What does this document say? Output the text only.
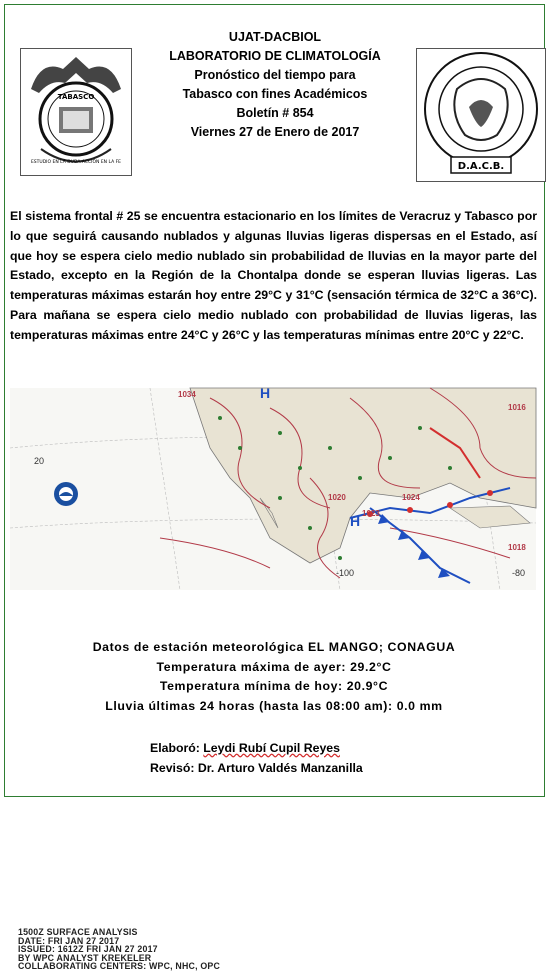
TABASCO
ESTUDIO EN LA DUDA ACCION EN LA FE
UJAT-DACBIOL
LABORATORIO DE CLIMATOLOGÍA
Pronóstico del tiempo para
Tabasco con fines Académicos
Boletín # 854
Viernes 27 de Enero de 2017
D.A.C.B.
El sistema frontal # 25 se encuentra estacionario en los límites de Veracruz y Tabasco por lo que seguirá causando nublados y algunas lluvias ligeras dispersas en el Estado, así que hoy se espera cielo medio nublado sin probabilidad de lluvias en la mayor parte del Estado, excepto en la Región de la Chontalpa donde se esperan lluvias ligeras. Las temperaturas máximas estarán hoy entre 29°C y 31°C (sensación térmica de 32°C a 36°C). Para mañana se espera cielo medio nublado con probabilidad de lluvias ligeras, las temperaturas máximas entre 24°C y 26°C y las temperaturas mínimas entre 20°C y 22°C.
H
H
1034
1023
1024
1016
1018
1020
20
-100	-80
1500Z SURFACE ANALYSIS
DATE: FRI JAN 27 2017
ISSUED: 1612Z FRI JAN 27 2017
BY WPC ANALYST KREKELER
COLLABORATING CENTERS: WPC, NHC, OPC
Datos de estación meteorológica EL MANGO; CONAGUA
Temperatura máxima de ayer: 29.2°C
Temperatura mínima de hoy: 20.9°C
Lluvia últimas 24 horas (hasta las 08:00 am): 0.0 mm
Elaboró: Leydi Rubí Cupil Reyes
Revisó: Dr. Arturo Valdés Manzanilla
